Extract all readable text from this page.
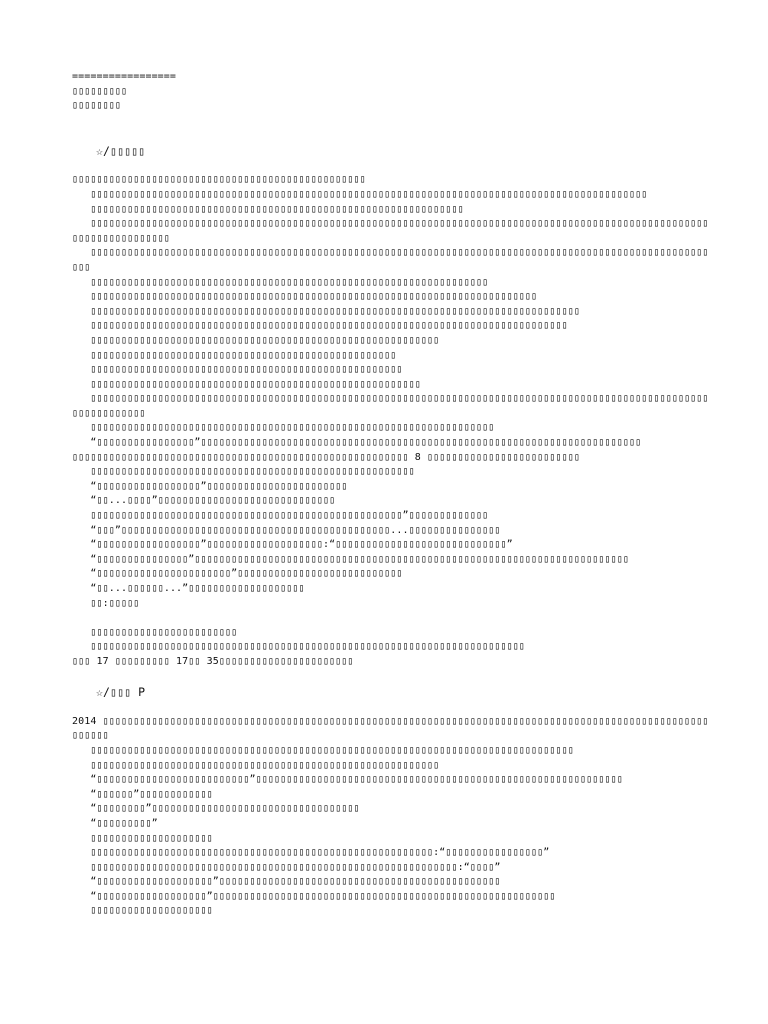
=================
▯▯▯▯▯▯▯▯▯
▯▯▯▯▯▯▯▯
☆/▯▯▯▯▯
▯▯▯▯▯▯▯▯▯▯▯▯▯▯▯▯▯▯▯▯▯▯▯▯▯▯▯▯▯▯▯▯▯▯▯▯▯▯▯▯▯▯▯▯▯▯▯▯
▯▯▯▯▯▯▯▯▯▯▯▯▯▯▯▯▯▯▯▯▯▯▯▯▯▯▯▯▯▯▯▯▯▯▯▯▯▯▯▯▯▯▯▯▯▯▯▯▯▯▯▯▯▯▯▯▯▯▯▯▯▯▯▯▯▯▯▯▯▯▯▯▯▯▯▯▯▯▯▯▯▯▯▯▯▯▯▯▯▯▯
▯▯▯▯▯▯▯▯▯▯▯▯▯▯▯▯▯▯▯▯▯▯▯▯▯▯▯▯▯▯▯▯▯▯▯▯▯▯▯▯▯▯▯▯▯▯▯▯▯▯▯▯▯▯▯▯▯▯▯▯▯
▯▯▯▯▯▯▯▯▯▯▯▯▯▯▯▯▯▯▯▯▯▯▯▯▯▯▯▯▯▯▯▯▯▯▯▯▯▯▯▯▯▯▯▯▯▯▯▯▯▯▯▯▯▯▯▯▯▯▯▯▯▯▯▯▯▯▯▯▯▯▯▯▯▯▯▯▯▯▯▯▯▯▯▯▯▯▯▯▯▯▯▯▯▯▯▯▯▯▯▯▯▯▯▯▯▯▯▯▯▯▯▯▯▯▯▯▯
▯▯▯▯▯▯▯▯▯▯▯▯▯▯▯▯▯▯▯▯▯▯▯▯▯▯▯▯▯▯▯▯▯▯▯▯▯▯▯▯▯▯▯▯▯▯▯▯▯▯▯▯▯▯▯▯▯▯▯▯▯▯▯▯▯▯▯▯▯▯▯▯▯▯▯▯▯▯▯▯▯▯▯▯▯▯▯▯▯▯▯▯▯▯▯▯▯▯▯▯▯▯▯▯
▯▯▯▯▯▯▯▯▯▯▯▯▯▯▯▯▯▯▯▯▯▯▯▯▯▯▯▯▯▯▯▯▯▯▯▯▯▯▯▯▯▯▯▯▯▯▯▯▯▯▯▯▯▯▯▯▯▯▯▯▯▯▯▯▯
▯▯▯▯▯▯▯▯▯▯▯▯▯▯▯▯▯▯▯▯▯▯▯▯▯▯▯▯▯▯▯▯▯▯▯▯▯▯▯▯▯▯▯▯▯▯▯▯▯▯▯▯▯▯▯▯▯▯▯▯▯▯▯▯▯▯▯▯▯▯▯▯▯
▯▯▯▯▯▯▯▯▯▯▯▯▯▯▯▯▯▯▯▯▯▯▯▯▯▯▯▯▯▯▯▯▯▯▯▯▯▯▯▯▯▯▯▯▯▯▯▯▯▯▯▯▯▯▯▯▯▯▯▯▯▯▯▯▯▯▯▯▯▯▯▯▯▯▯▯▯▯▯▯
▯▯▯▯▯▯▯▯▯▯▯▯▯▯▯▯▯▯▯▯▯▯▯▯▯▯▯▯▯▯▯▯▯▯▯▯▯▯▯▯▯▯▯▯▯▯▯▯▯▯▯▯▯▯▯▯▯▯▯▯▯▯▯▯▯▯▯▯▯▯▯▯▯▯▯▯▯▯
▯▯▯▯▯▯▯▯▯▯▯▯▯▯▯▯▯▯▯▯▯▯▯▯▯▯▯▯▯▯▯▯▯▯▯▯▯▯▯▯▯▯▯▯▯▯▯▯▯▯▯▯▯▯▯▯▯
▯▯▯▯▯▯▯▯▯▯▯▯▯▯▯▯▯▯▯▯▯▯▯▯▯▯▯▯▯▯▯▯▯▯▯▯▯▯▯▯▯▯▯▯▯▯▯▯▯▯
▯▯▯▯▯▯▯▯▯▯▯▯▯▯▯▯▯▯▯▯▯▯▯▯▯▯▯▯▯▯▯▯▯▯▯▯▯▯▯▯▯▯▯▯▯▯▯▯▯▯▯
▯▯▯▯▯▯▯▯▯▯▯▯▯▯▯▯▯▯▯▯▯▯▯▯▯▯▯▯▯▯▯▯▯▯▯▯▯▯▯▯▯▯▯▯▯▯▯▯▯▯▯▯▯▯
▯▯▯▯▯▯▯▯▯▯▯▯▯▯▯▯▯▯▯▯▯▯▯▯▯▯▯▯▯▯▯▯▯▯▯▯▯▯▯▯▯▯▯▯▯▯▯▯▯▯▯▯▯▯▯▯▯▯▯▯▯▯▯▯▯▯▯▯▯▯▯▯▯▯▯▯▯▯▯▯▯▯▯▯▯▯▯▯▯▯▯▯▯▯▯▯▯▯▯▯▯▯▯▯▯▯▯▯▯▯▯▯▯
▯▯▯▯▯▯▯▯▯▯▯▯▯▯▯▯▯▯▯▯▯▯▯▯▯▯▯▯▯▯▯▯▯▯▯▯▯▯▯▯▯▯▯▯▯▯▯▯▯▯▯▯▯▯▯▯▯▯▯▯▯▯▯▯▯▯
“▯▯▯▯▯▯▯▯▯▯▯▯▯▯▯▯”▯▯▯▯▯▯▯▯▯▯▯▯▯▯▯▯▯▯▯▯▯▯▯▯▯▯▯▯▯▯▯▯▯▯▯▯▯▯▯▯▯▯▯▯▯▯▯▯▯▯▯▯▯▯▯▯▯▯▯▯▯▯▯▯▯▯▯▯▯▯▯▯
▯▯▯▯▯▯▯▯▯▯▯▯▯▯▯▯▯▯▯▯▯▯▯▯▯▯▯▯▯▯▯▯▯▯▯▯▯▯▯▯▯▯▯▯▯▯▯▯▯▯▯▯▯▯▯ 8 ▯▯▯▯▯▯▯▯▯▯▯▯▯▯▯▯▯▯▯▯▯▯▯▯▯
▯▯▯▯▯▯▯▯▯▯▯▯▯▯▯▯▯▯▯▯▯▯▯▯▯▯▯▯▯▯▯▯▯▯▯▯▯▯▯▯▯▯▯▯▯▯▯▯▯▯▯▯▯
“▯▯▯▯▯▯▯▯▯▯▯▯▯▯▯▯▯”▯▯▯▯▯▯▯▯▯▯▯▯▯▯▯▯▯▯▯▯▯▯▯
“▯▯...▯▯▯▯”▯▯▯▯▯▯▯▯▯▯▯▯▯▯▯▯▯▯▯▯▯▯▯▯▯▯▯▯▯
▯▯▯▯▯▯▯▯▯▯▯▯▯▯▯▯▯▯▯▯▯▯▯▯▯▯▯▯▯▯▯▯▯▯▯▯▯▯▯▯▯▯▯▯▯▯▯▯▯▯▯”▯▯▯▯▯▯▯▯▯▯▯▯▯
“▯▯▯”▯▯▯▯▯▯▯▯▯▯▯▯▯▯▯▯▯▯▯▯▯▯▯▯▯▯▯▯▯▯▯▯▯▯▯▯▯▯▯▯▯▯▯▯...▯▯▯▯▯▯▯▯▯▯▯▯▯▯▯
“▯▯▯▯▯▯▯▯▯▯▯▯▯▯▯▯▯”▯▯▯▯▯▯▯▯▯▯▯▯▯▯▯▯▯▯▯:“▯▯▯▯▯▯▯▯▯▯▯▯▯▯▯▯▯▯▯▯▯▯▯▯▯▯▯▯”
“▯▯▯▯▯▯▯▯▯▯▯▯▯▯▯”▯▯▯▯▯▯▯▯▯▯▯▯▯▯▯▯▯▯▯▯▯▯▯▯▯▯▯▯▯▯▯▯▯▯▯▯▯▯▯▯▯▯▯▯▯▯▯▯▯▯▯▯▯▯▯▯▯▯▯▯▯▯▯▯▯▯▯▯▯▯▯
“▯▯▯▯▯▯▯▯▯▯▯▯▯▯▯▯▯▯▯▯▯▯”▯▯▯▯▯▯▯▯▯▯▯▯▯▯▯▯▯▯▯▯▯▯▯▯▯▯▯
“▯▯...▯▯▯▯▯▯...”▯▯▯▯▯▯▯▯▯▯▯▯▯▯▯▯▯▯▯
▯▯:▯▯▯▯▯
▯▯▯▯▯▯▯▯▯▯▯▯▯▯▯▯▯▯▯▯▯▯▯▯
▯▯▯▯▯▯▯▯▯▯▯▯▯▯▯▯▯▯▯▯▯▯▯▯▯▯▯▯▯▯▯▯▯▯▯▯▯▯▯▯▯▯▯▯▯▯▯▯▯▯▯▯▯▯▯▯▯▯▯▯▯▯▯▯▯▯▯▯▯▯▯
▯▯▯ 17 ▯▯▯▯▯▯▯▯▯ 17▯▯ 35▯▯▯▯▯▯▯▯▯▯▯▯▯▯▯▯▯▯▯▯▯▯
☆/▯▯▯ P
2014 ▯▯▯▯▯▯▯▯▯▯▯▯▯▯▯▯▯▯▯▯▯▯▯▯▯▯▯▯▯▯▯▯▯▯▯▯▯▯▯▯▯▯▯▯▯▯▯▯▯▯▯▯▯▯▯▯▯▯▯▯▯▯▯▯▯▯▯▯▯▯▯▯▯▯▯▯▯▯▯▯▯▯▯▯▯▯▯▯▯▯▯▯▯▯▯▯▯▯▯▯▯▯▯▯▯
▯▯▯▯▯▯▯▯▯▯▯▯▯▯▯▯▯▯▯▯▯▯▯▯▯▯▯▯▯▯▯▯▯▯▯▯▯▯▯▯▯▯▯▯▯▯▯▯▯▯▯▯▯▯▯▯▯▯▯▯▯▯▯▯▯▯▯▯▯▯▯▯▯▯▯▯▯▯▯
▯▯▯▯▯▯▯▯▯▯▯▯▯▯▯▯▯▯▯▯▯▯▯▯▯▯▯▯▯▯▯▯▯▯▯▯▯▯▯▯▯▯▯▯▯▯▯▯▯▯▯▯▯▯▯▯▯
“▯▯▯▯▯▯▯▯▯▯▯▯▯▯▯▯▯▯▯▯▯▯▯▯▯”▯▯▯▯▯▯▯▯▯▯▯▯▯▯▯▯▯▯▯▯▯▯▯▯▯▯▯▯▯▯▯▯▯▯▯▯▯▯▯▯▯▯▯▯▯▯▯▯▯▯▯▯▯▯▯▯▯▯▯▯
“▯▯▯▯▯▯”▯▯▯▯▯▯▯▯▯▯▯▯
“▯▯▯▯▯▯▯▯”▯▯▯▯▯▯▯▯▯▯▯▯▯▯▯▯▯▯▯▯▯▯▯▯▯▯▯▯▯▯▯▯▯▯
“▯▯▯▯▯▯▯▯▯”
▯▯▯▯▯▯▯▯▯▯▯▯▯▯▯▯▯▯▯▯
▯▯▯▯▯▯▯▯▯▯▯▯▯▯▯▯▯▯▯▯▯▯▯▯▯▯▯▯▯▯▯▯▯▯▯▯▯▯▯▯▯▯▯▯▯▯▯▯▯▯▯▯▯▯▯▯:“▯▯▯▯▯▯▯▯▯▯▯▯▯▯▯▯”
▯▯▯▯▯▯▯▯▯▯▯▯▯▯▯▯▯▯▯▯▯▯▯▯▯▯▯▯▯▯▯▯▯▯▯▯▯▯▯▯▯▯▯▯▯▯▯▯▯▯▯▯▯▯▯▯▯▯▯▯:“▯▯▯▯”
“▯▯▯▯▯▯▯▯▯▯▯▯▯▯▯▯▯▯▯”▯▯▯▯▯▯▯▯▯▯▯▯▯▯▯▯▯▯▯▯▯▯▯▯▯▯▯▯▯▯▯▯▯▯▯▯▯▯▯▯▯▯▯▯▯▯
“▯▯▯▯▯▯▯▯▯▯▯▯▯▯▯▯▯▯”▯▯▯▯▯▯▯▯▯▯▯▯▯▯▯▯▯▯▯▯▯▯▯▯▯▯▯▯▯▯▯▯▯▯▯▯▯▯▯▯▯▯▯▯▯▯▯▯▯▯▯▯▯▯▯▯
▯▯▯▯▯▯▯▯▯▯▯▯▯▯▯▯▯▯▯▯
